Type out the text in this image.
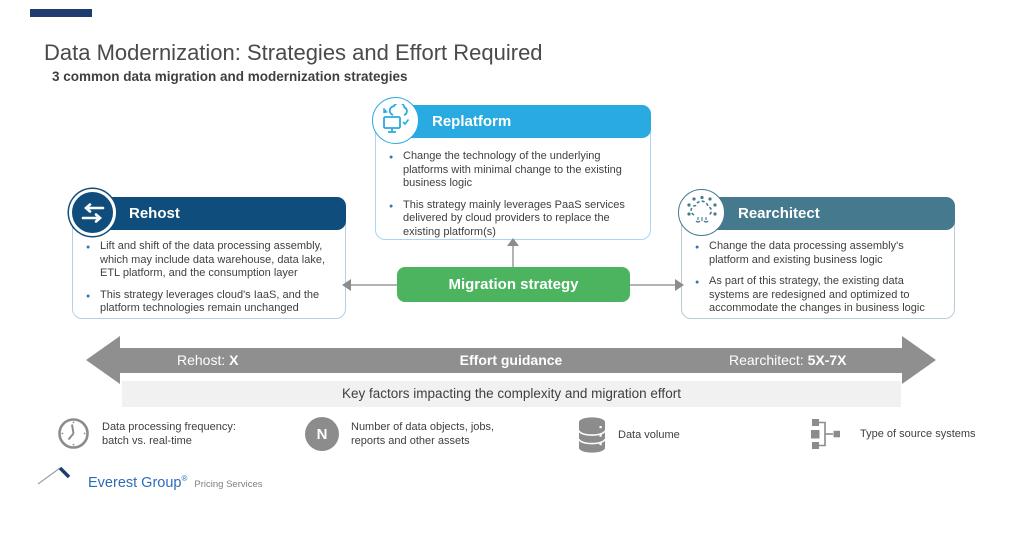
Data Modernization: Strategies and Effort Required
3 common data migration and modernization strategies
Replatform
● Change the technology of the underlying platforms with minimal change to the existing business logic
● This strategy mainly leverages PaaS services delivered by cloud providers to replace the existing platform(s)
Rehost
● Lift and shift of the data processing assembly, which may include data warehouse, data lake, ETL platform, and the consumption layer
● This strategy leverages cloud's IaaS, and the platform technologies remain unchanged
Rearchitect
● Change the data processing assembly's platform and existing business logic
● As part of this strategy, the existing data systems are redesigned and optimized to accommodate the changes in business logic
Migration strategy
Rehost: X	Effort guidance	Rearchitect: 5X-7X
Key factors impacting the complexity and migration effort
Data processing frequency:
batch vs. real-time	N	Number of data objects, jobs,
reports and other assets	Data volume	Type of source systems
Everest Group®
Pricing Services
